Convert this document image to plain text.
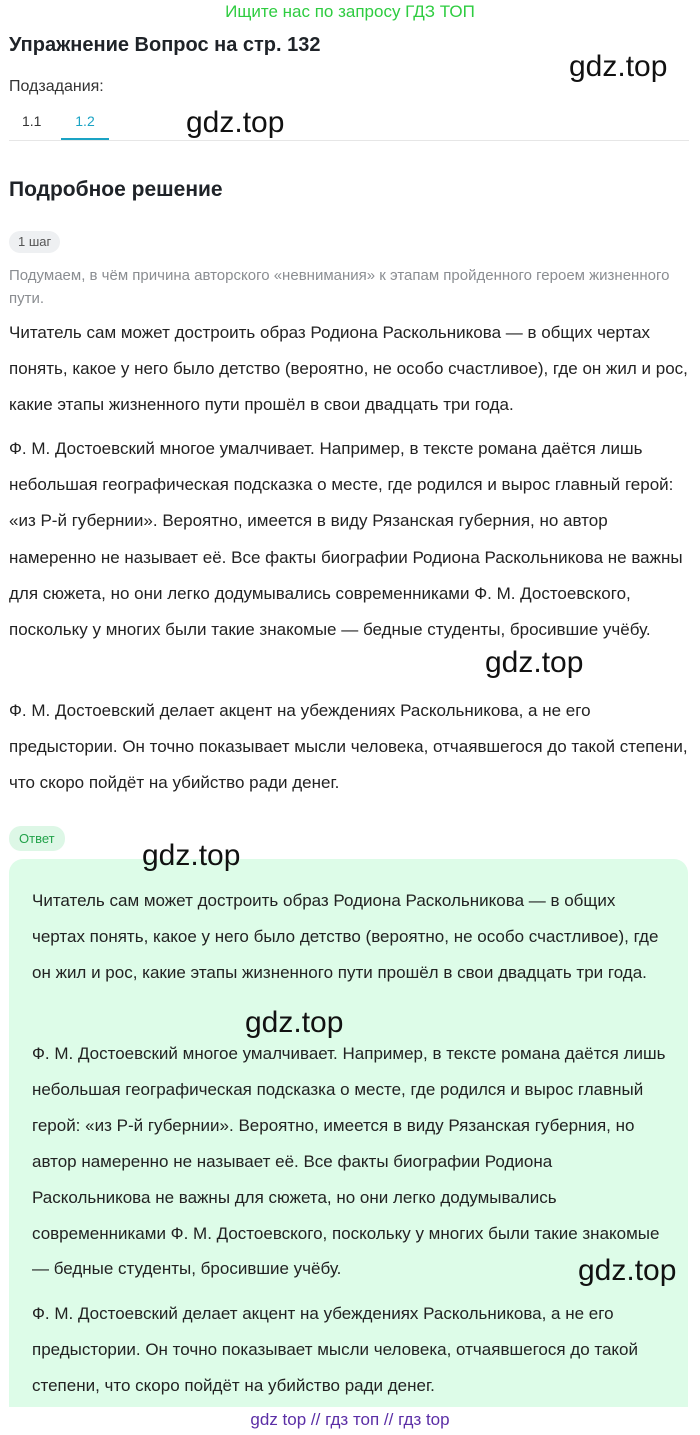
Ищите нас по запросу ГДЗ ТОП
Упражнение Вопрос на стр. 132
Подзадания:
1.1	1.2
Подробное решение
1 шаг

Подумаем, в чём причина авторского «невнимания» к этапам пройденного героем жизненного пути.

Читатель сам может достроить образ Родиона Раскольникова — в общих чертах понять, какое у него было детство (вероятно, не особо счастливое), где он жил и рос, какие этапы жизненного пути прошёл в свои двадцать три года.

Ф. М. Достоевский многое умалчивает. Например, в тексте романа даётся лишь небольшая географическая подсказка о месте, где родился и вырос главный герой: «из Р-й губернии». Вероятно, имеется в виду Рязанская губерния, но автор намеренно не называет её. Все факты биографии Родиона Раскольникова не важны для сюжета, но они легко додумывались современниками Ф. М. Достоевского, поскольку у многих были такие знакомые — бедные студенты, бросившие учёбу.

Ф. М. Достоевский делает акцент на убеждениях Раскольникова, а не его предыстории. Он точно показывает мысли человека, отчаявшегося до такой степени, что скоро пойдёт на убийство ради денег.

Ответ

Читатель сам может достроить образ Родиона Раскольникова — в общих чертах понять, какое у него было детство (вероятно, не особо счастливое), где он жил и рос, какие этапы жизненного пути прошёл в свои двадцать три года.

Ф. М. Достоевский многое умалчивает. Например, в тексте романа даётся лишь небольшая географическая подсказка о месте, где родился и вырос главный герой: «из Р-й губернии». Вероятно, имеется в виду Рязанская губерния, но автор намеренно не называет её. Все факты биографии Родиона Раскольникова не важны для сюжета, но они легко додумывались современниками Ф. М. Достоевского, поскольку у многих были такие знакомые — бедные студенты, бросившие учёбу.

Ф. М. Достоевский делает акцент на убеждениях Раскольникова, а не его предыстории. Он точно показывает мысли человека, отчаявшегося до такой степени, что скоро пойдёт на убийство ради денег.

gdz.top
gdz.top
gdz.top
gdz.top
gdz.top
gdz.top
gdz top // гдз топ // гдз top
